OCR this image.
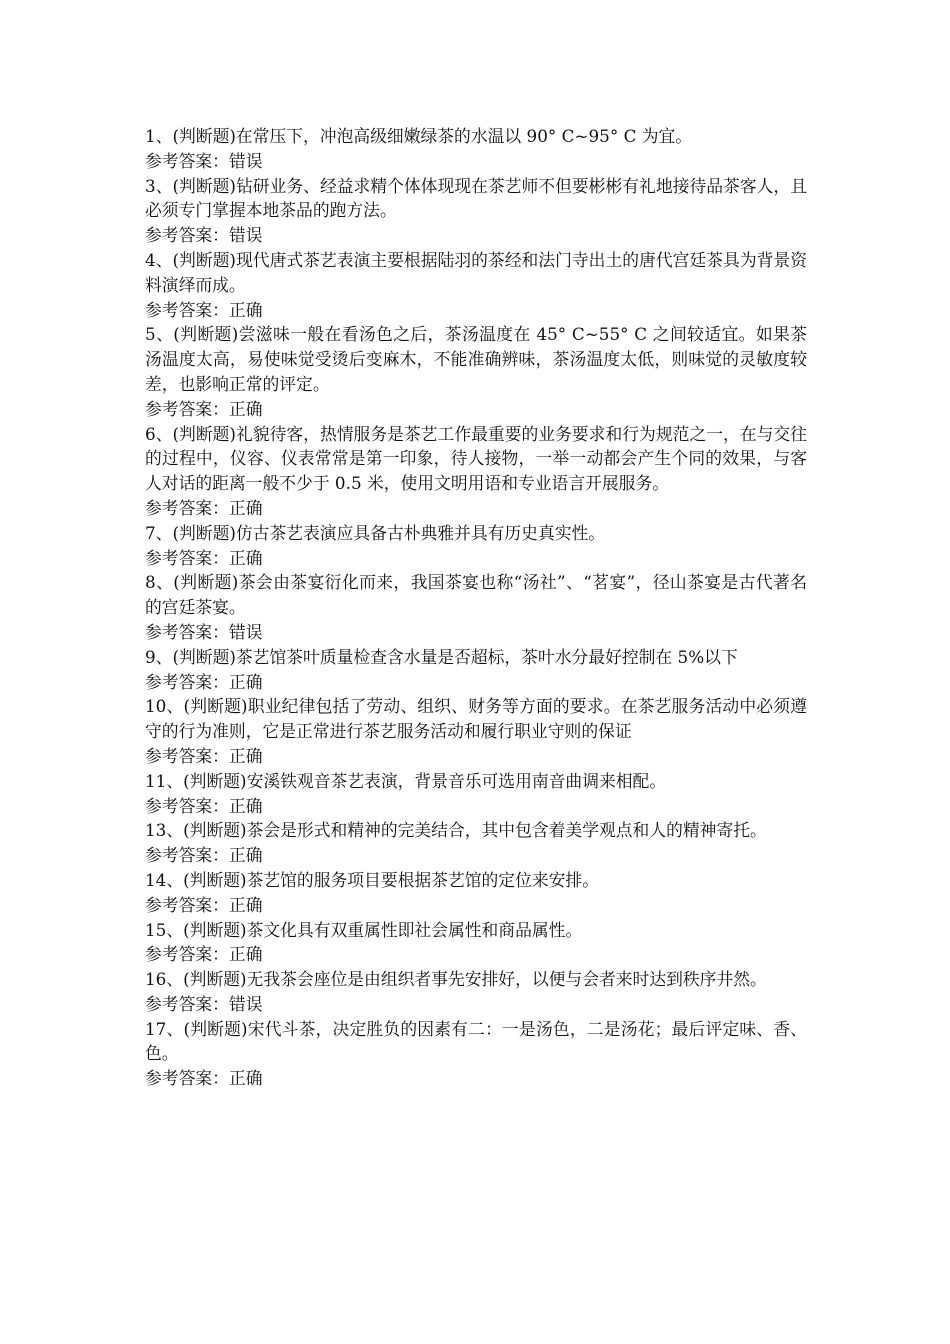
1、(判断题)在常压下，冲泡高级细嫩绿茶的水温以 90° C~95° C 为宜。

参考答案：错误

3、(判断题)钻研业务、经益求精个体体现现在茶艺师不但要彬彬有礼地接待品茶客人，且必须专门掌握本地茶品的跑方法。

参考答案：错误

4、(判断题)现代唐式茶艺表演主要根据陆羽的茶经和法门寺出土的唐代宫廷茶具为背景资料演绎而成。

参考答案：正确

5、(判断题)尝滋味一般在看汤色之后，茶汤温度在 45° C~55° C 之间较适宜。如果茶汤温度太高，易使味觉受烫后变麻木，不能准确辨味，茶汤温度太低，则味觉的灵敏度较差，也影响正常的评定。

参考答案：正确

6、(判断题)礼貌待客，热情服务是茶艺工作最重要的业务要求和行为规范之一，在与交往的过程中，仪容、仪表常常是第一印象，待人接物，一举一动都会产生个同的效果，与客人对话的距离一般不少于 0.5 米，使用文明用语和专业语言开展服务。

参考答案：正确

7、(判断题)仿古茶艺表演应具备古朴典雅并具有历史真实性。

参考答案：正确

8、(判断题)茶会由茶宴衍化而来，我国茶宴也称“汤社”、“茗宴”，径山茶宴是古代著名的宫廷茶宴。

参考答案：错误

9、(判断题)茶艺馆茶叶质量检查含水量是否超标，茶叶水分最好控制在 5%以下

参考答案：正确

10、(判断题)职业纪律包括了劳动、组织、财务等方面的要求。在茶艺服务活动中必须遵守的行为准则，它是正常进行茶艺服务活动和履行职业守则的保证

参考答案：正确

11、(判断题)安溪铁观音茶艺表演，背景音乐可选用南音曲调来相配。

参考答案：正确

13、(判断题)茶会是形式和精神的完美结合，其中包含着美学观点和人的精神寄托。

参考答案：正确

14、(判断题)茶艺馆的服务项目要根据茶艺馆的定位来安排。

参考答案：正确

15、(判断题)茶文化具有双重属性即社会属性和商品属性。

参考答案：正确

16、(判断题)无我茶会座位是由组织者事先安排好，以便与会者来时达到秩序井然。

参考答案：错误

17、(判断题)宋代斗茶，决定胜负的因素有二：一是汤色，二是汤花；最后评定味、香、色。

参考答案：正确
